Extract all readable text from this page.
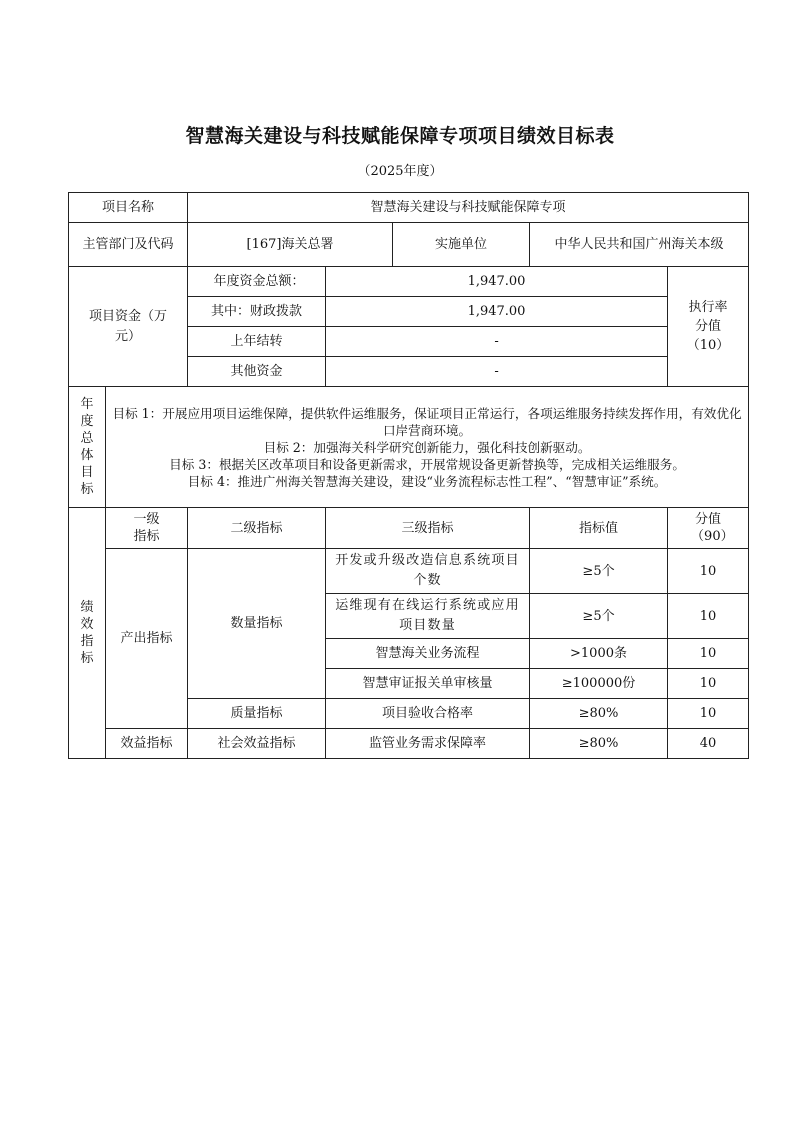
智慧海关建设与科技赋能保障专项项目绩效目标表
（2025年度）
项目名称		智慧海关建设与科技赋能保障专项				
主管部门及代码		[167]海关总署		实施单位	中华人民共和国广州海关本级	

项目资金（万元）		年度资金总额：	1,947.00			执行率分值（10）

		其中：财政拨款	1,947.00			
		上年结转	-			
		其他资金	-			
年度总体目标	目标 1：开展应用项目运维保障，提供软件运维服务，保证项目正常运行，各项运维服务持续发挥作用，有效优化口岸营商环境。
目标 2：加强海关科学研究创新能力，强化科技创新驱动。
目标 3：根据关区改革项目和设备更新需求，开展常规设备更新替换等，完成相关运维服务。
目标 4：推进广州海关智慧海关建设，建设“业务流程标志性工程”、“智慧审证”系统。					

绩效指标	一级指标	二级指标	三级指标		指标值	分值（90）

	产出指标	数量指标	开发或升级改造信息系统项目个数		≥5个	10
			运维现有在线运行系统或应用项目数量		≥5个	10
			智慧海关业务流程		>1000条	10
			智慧审证报关单审核量		≥100000份	10
		质量指标	项目验收合格率		≥80%	10
	效益指标	社会效益指标	监管业务需求保障率		≥80%	40
